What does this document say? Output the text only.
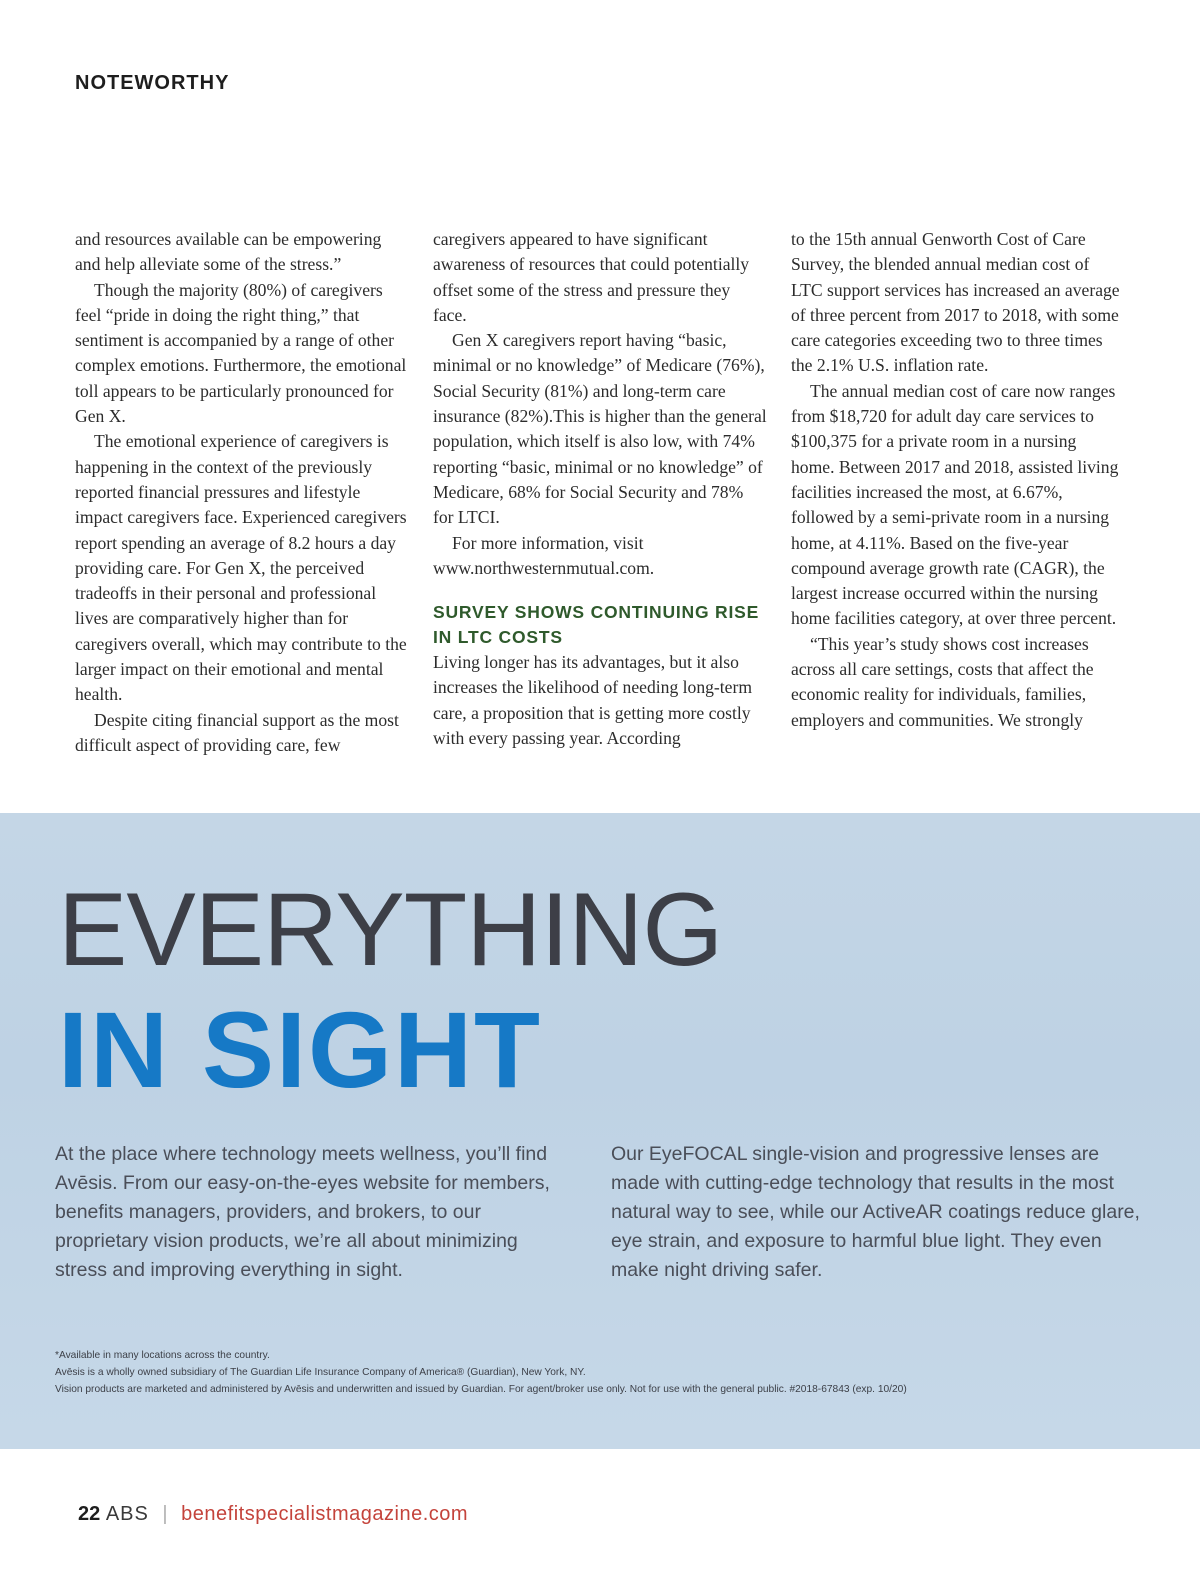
NOTEWORTHY

and resources available can be empowering and help alleviate some of the stress.”

Though the majority (80%) of caregivers feel “pride in doing the right thing,” that sentiment is accompanied by a range of other complex emotions. Furthermore, the emotional toll appears to be particularly pronounced for Gen X.

The emotional experience of caregivers is happening in the context of the previously reported financial pressures and lifestyle impact caregivers face. Experienced caregivers report spending an average of 8.2 hours a day providing care. For Gen X, the perceived tradeoffs in their personal and professional lives are comparatively higher than for caregivers overall, which may contribute to the larger impact on their emotional and mental health.

Despite citing financial support as the most difficult aspect of providing care, few

caregivers appeared to have significant awareness of resources that could potentially offset some of the stress and pressure they face.

Gen X caregivers report having “basic, minimal or no knowledge” of Medicare (76%), Social Security (81%) and long-term care insurance (82%).This is higher than the general population, which itself is also low, with 74% reporting “basic, minimal or no knowledge” of Medicare, 68% for Social Security and 78% for LTCI.

For more information, visit www.northwesternmutual.com.

SURVEY SHOWS CONTINUING RISE IN LTC COSTS

Living longer has its advantages, but it also increases the likelihood of needing long-term care, a proposition that is getting more costly with every passing year. According

to the 15th annual Genworth Cost of Care Survey, the blended annual median cost of LTC support services has increased an average of three percent from 2017 to 2018, with some care categories exceeding two to three times the 2.1% U.S. inflation rate.

The annual median cost of care now ranges from $18,720 for adult day care services to $100,375 for a private room in a nursing home. Between 2017 and 2018, assisted living facilities increased the most, at 6.67%, followed by a semi-private room in a nursing home, at 4.11%. Based on the five-year compound average growth rate (CAGR), the largest increase occurred within the nursing home facilities category, at over three percent.

“This year’s study shows cost increases across all care settings, costs that affect the economic reality for individuals, families, employers and communities. We strongly

EVERYTHING
IN SIGHT

At the place where technology meets wellness, you’ll find Avēsis. From our easy-on-the-eyes website for members, benefits managers, providers, and brokers, to our proprietary vision products, we’re all about minimizing stress and improving everything in sight.

Our EyeFOCAL single-vision and progressive lenses are made with cutting-edge technology that results in the most natural way to see, while our ActiveAR coatings reduce glare, eye strain, and exposure to harmful blue light. They even make night driving safer.

*Available in many locations across the country.

Avēsis is a wholly owned subsidiary of The Guardian Life Insurance Company of America® (Guardian), New York, NY.

Vision products are marketed and administered by Avēsis and underwritten and issued by Guardian. For agent/broker use only. Not for use with the general public. #2018-67843 (exp. 10/20)

22 ABS | benefitspecialistmagazine.com
